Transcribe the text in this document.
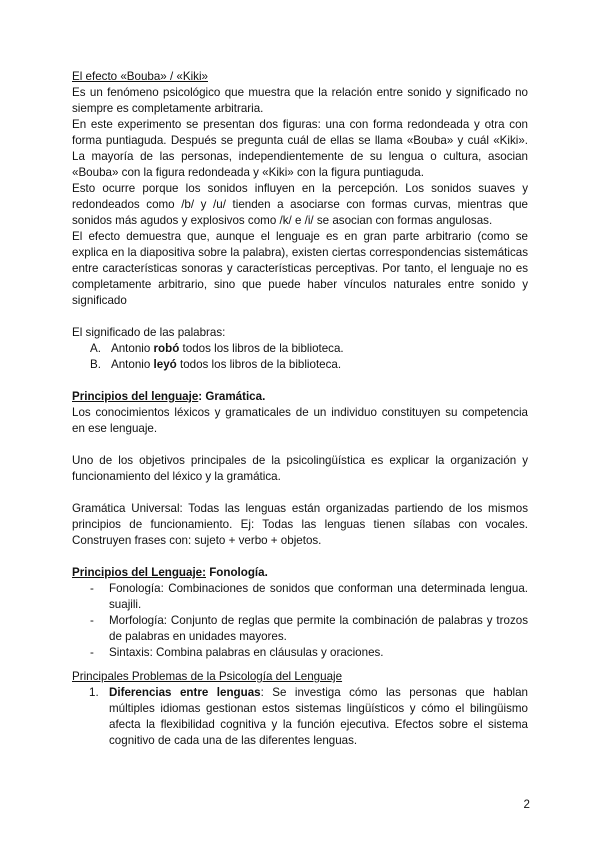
El efecto «Bouba» / «Kiki»

Es un fenómeno psicológico que muestra que la relación entre sonido y significado no siempre es completamente arbitraria.

En este experimento se presentan dos figuras: una con forma redondeada y otra con forma puntiaguda. Después se pregunta cuál de ellas se llama «Bouba» y cuál «Kiki». La mayoría de las personas, independientemente de su lengua o cultura, asocian «Bouba» con la figura redondeada y «Kiki» con la figura puntiaguda.

Esto ocurre porque los sonidos influyen en la percepción. Los sonidos suaves y redondeados como /b/ y /u/ tienden a asociarse con formas curvas, mientras que sonidos más agudos y explosivos como /k/ e /i/ se asocian con formas angulosas.

El efecto demuestra que, aunque el lenguaje es en gran parte arbitrario (como se explica en la diapositiva sobre la palabra), existen ciertas correspondencias sistemáticas entre características sonoras y características perceptivas. Por tanto, el lenguaje no es completamente arbitrario, sino que puede haber vínculos naturales entre sonido y significado

El significado de las palabras:

A. Antonio robó todos los libros de la biblioteca.
B. Antonio leyó todos los libros de la biblioteca.

Principios del lenguaje: Gramática.

Los conocimientos léxicos y gramaticales de un individuo constituyen su competencia en ese lenguaje.

Uno de los objetivos principales de la psicolingüística es explicar la organización y funcionamiento del léxico y la gramática.

Gramática Universal: Todas las lenguas están organizadas partiendo de los mismos principios de funcionamiento. Ej: Todas las lenguas tienen sílabas con vocales. Construyen frases con: sujeto + verbo + objetos.

Principios del Lenguaje: Fonología.

- Fonología: Combinaciones de sonidos que conforman una determinada lengua. suajili.
- Morfología: Conjunto de reglas que permite la combinación de palabras y trozos de palabras en unidades mayores.
- Sintaxis: Combina palabras en cláusulas y oraciones.

Principales Problemas de la Psicología del Lenguaje

1. Diferencias entre lenguas: Se investiga cómo las personas que hablan múltiples idiomas gestionan estos sistemas lingüísticos y cómo el bilingüismo afecta la flexibilidad cognitiva y la función ejecutiva. Efectos sobre el sistema cognitivo de cada una de las diferentes lenguas.
2
